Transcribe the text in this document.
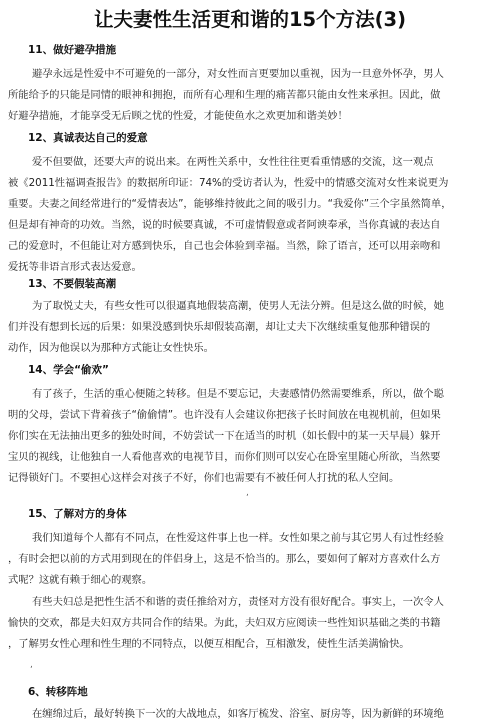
让夫妻性生活更和谐的15个方法(3)
11、做好避孕措施
避孕永远是性爱中不可避免的一部分，对女性而言更要加以重视，因为一旦意外怀孕，男人
所能给予的只能是同情的眼神和拥抱，而所有心理和生理的痛苦都只能由女性来承担。因此，做
好避孕措施，才能享受无后顾之忧的性爱，才能使鱼水之欢更加和谐美妙！
12、真诚表达自己的爱意
爱不但要做，还要大声的说出来。在两性关系中，女性往往更看重情感的交流，这一观点
被《2011性福调查报告》的数据所印证：74%的受访者认为，性爱中的情感交流对女性来说更为
重要。夫妻之间经常进行的“爱情表达”，能够维持彼此之间的吸引力。“我爱你”三个字虽然简单，
但是却有神奇的功效。当然，说的时候要真诚，不可虚情假意或者阿谀奉承，当你真诚的表达自
己的爱意时，不但能让对方感到快乐，自己也会体验到幸福。当然，除了语言，还可以用亲吻和
爱抚等非语言形式表达爱意。
13、不要假装高潮
为了取悦丈夫，有些女性可以很逼真地假装高潮，使男人无法分辨。但是这么做的时候，她
们并没有想到长远的后果：如果没感到快乐却假装高潮，却让丈夫下次继续重复他那种错误的
动作，因为他误以为那种方式能让女性快乐。
14、学会“偷欢”
有了孩子，生活的重心便随之转移。但是不要忘记，夫妻感情仍然需要维系，所以，做个聪
明的父母，尝试下背着孩子“偷偷情”。也许没有人会建议你把孩子长时间放在电视机前，但如果
你们实在无法抽出更多的独处时间，不妨尝试一下在适当的时机（如长假中的某一天早晨）躲开
宝贝的视线，让他独自一人看他喜欢的电视节目，而你们则可以安心在卧室里随心所欲，当然要
记得锁好门。不要担心这样会对孩子不好，你们也需要有不被任何人打扰的私人空间。
15、了解对方的身体
我们知道每个人都有不同点，在性爱这件事上也一样。女性如果之前与其它男人有过性经验
，有时会把以前的方式用到现在的伴侣身上，这是不恰当的。那么，要如何了解对方喜欢什么方
式呢？这就有赖于细心的观察。
有些夫妇总是把性生活不和谐的责任推给对方，责怪对方没有很好配合。事实上，一次令人
愉快的交欢，都是夫妇双方共同合作的结果。为此，夫妇双方应阅读一些性知识基础之类的书籍
，了解男女性心理和性生理的不同特点，以便互相配合，互相激发，使性生活美满愉快。
,
,
6、转移阵地
在缠绵过后，最好转换下一次的大战地点，如客厅梳发、浴室、厨房等，因为新鲜的环境绝
